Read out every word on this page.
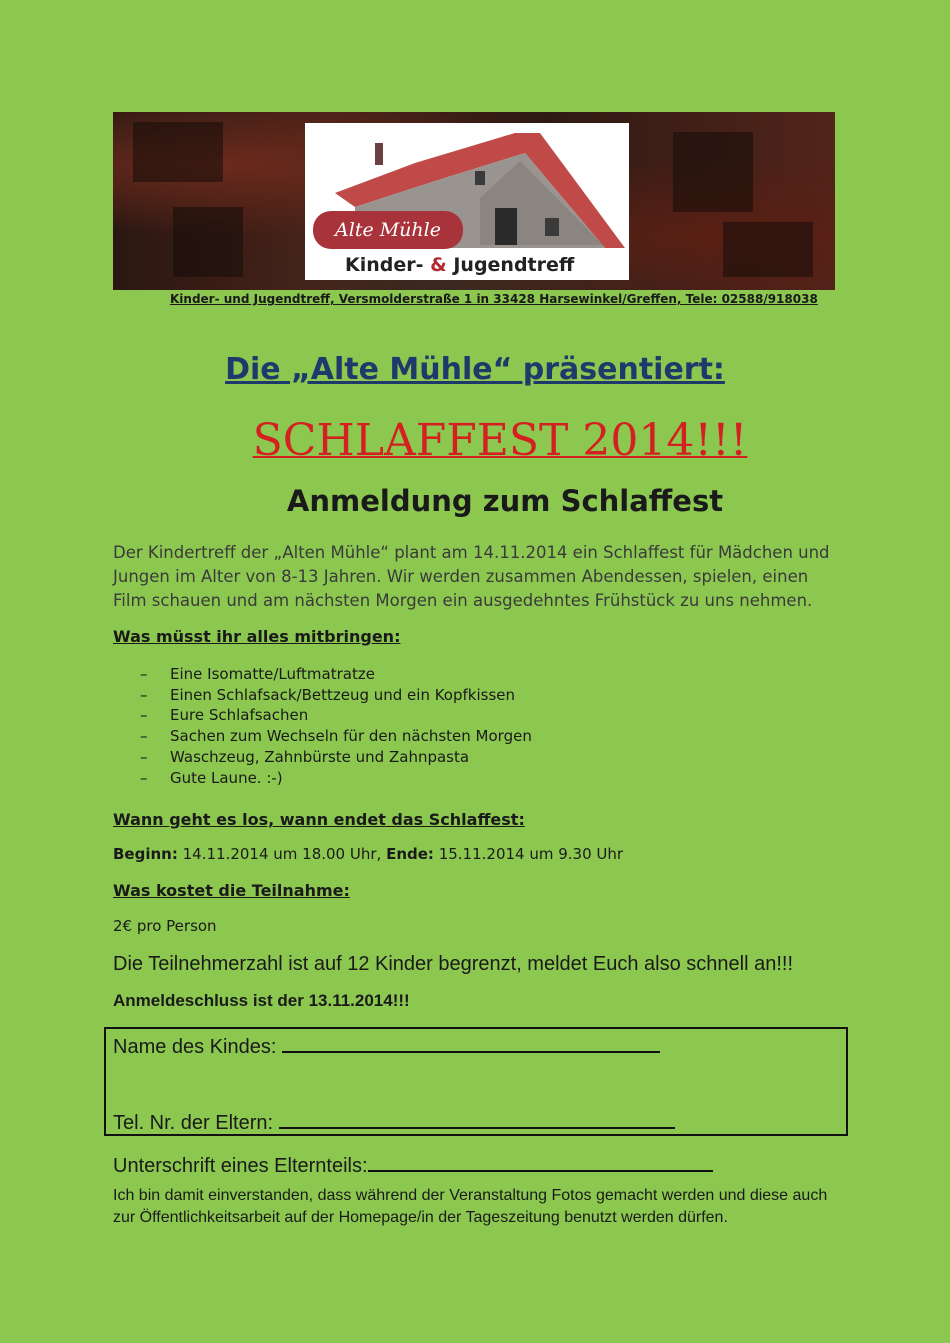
Alte Mühle
Kinder- & Jugendtreff
Kinder- und Jugendtreff, Versmolderstraße 1 in 33428 Harsewinkel/Greffen, Tele: 02588/918038
Die „Alte Mühle“ präsentiert:
SCHLAFFEST 2014!!!
Anmeldung zum Schlaffest
Der Kindertreff der „Alten Mühle“ plant am 14.11.2014 ein Schlaffest für Mädchen und Jungen im Alter von 8-13 Jahren. Wir werden zusammen Abendessen, spielen, einen Film schauen und am nächsten Morgen ein ausgedehntes Frühstück zu uns nehmen.
Was müsst ihr alles mitbringen:
– Eine Isomatte/Luftmatratze
– Einen Schlafsack/Bettzeug und ein Kopfkissen
– Eure Schlafsachen
– Sachen zum Wechseln für den nächsten Morgen
– Waschzeug, Zahnbürste und Zahnpasta
– Gute Laune. :-)
Wann geht es los, wann endet das Schlaffest:
Beginn: 14.11.2014 um 18.00 Uhr, Ende: 15.11.2014 um 9.30 Uhr
Was kostet die Teilnahme:
2€ pro Person
Die Teilnehmerzahl ist auf 12 Kinder begrenzt, meldet Euch also schnell an!!!
Anmeldeschluss ist der 13.11.2014!!!
Name des Kindes:
Tel. Nr. der Eltern:
Unterschrift eines Elternteils:
Ich bin damit einverstanden, dass während der Veranstaltung Fotos gemacht werden und diese auch zur Öffentlichkeitsarbeit auf der Homepage/in der Tageszeitung benutzt werden dürfen.
